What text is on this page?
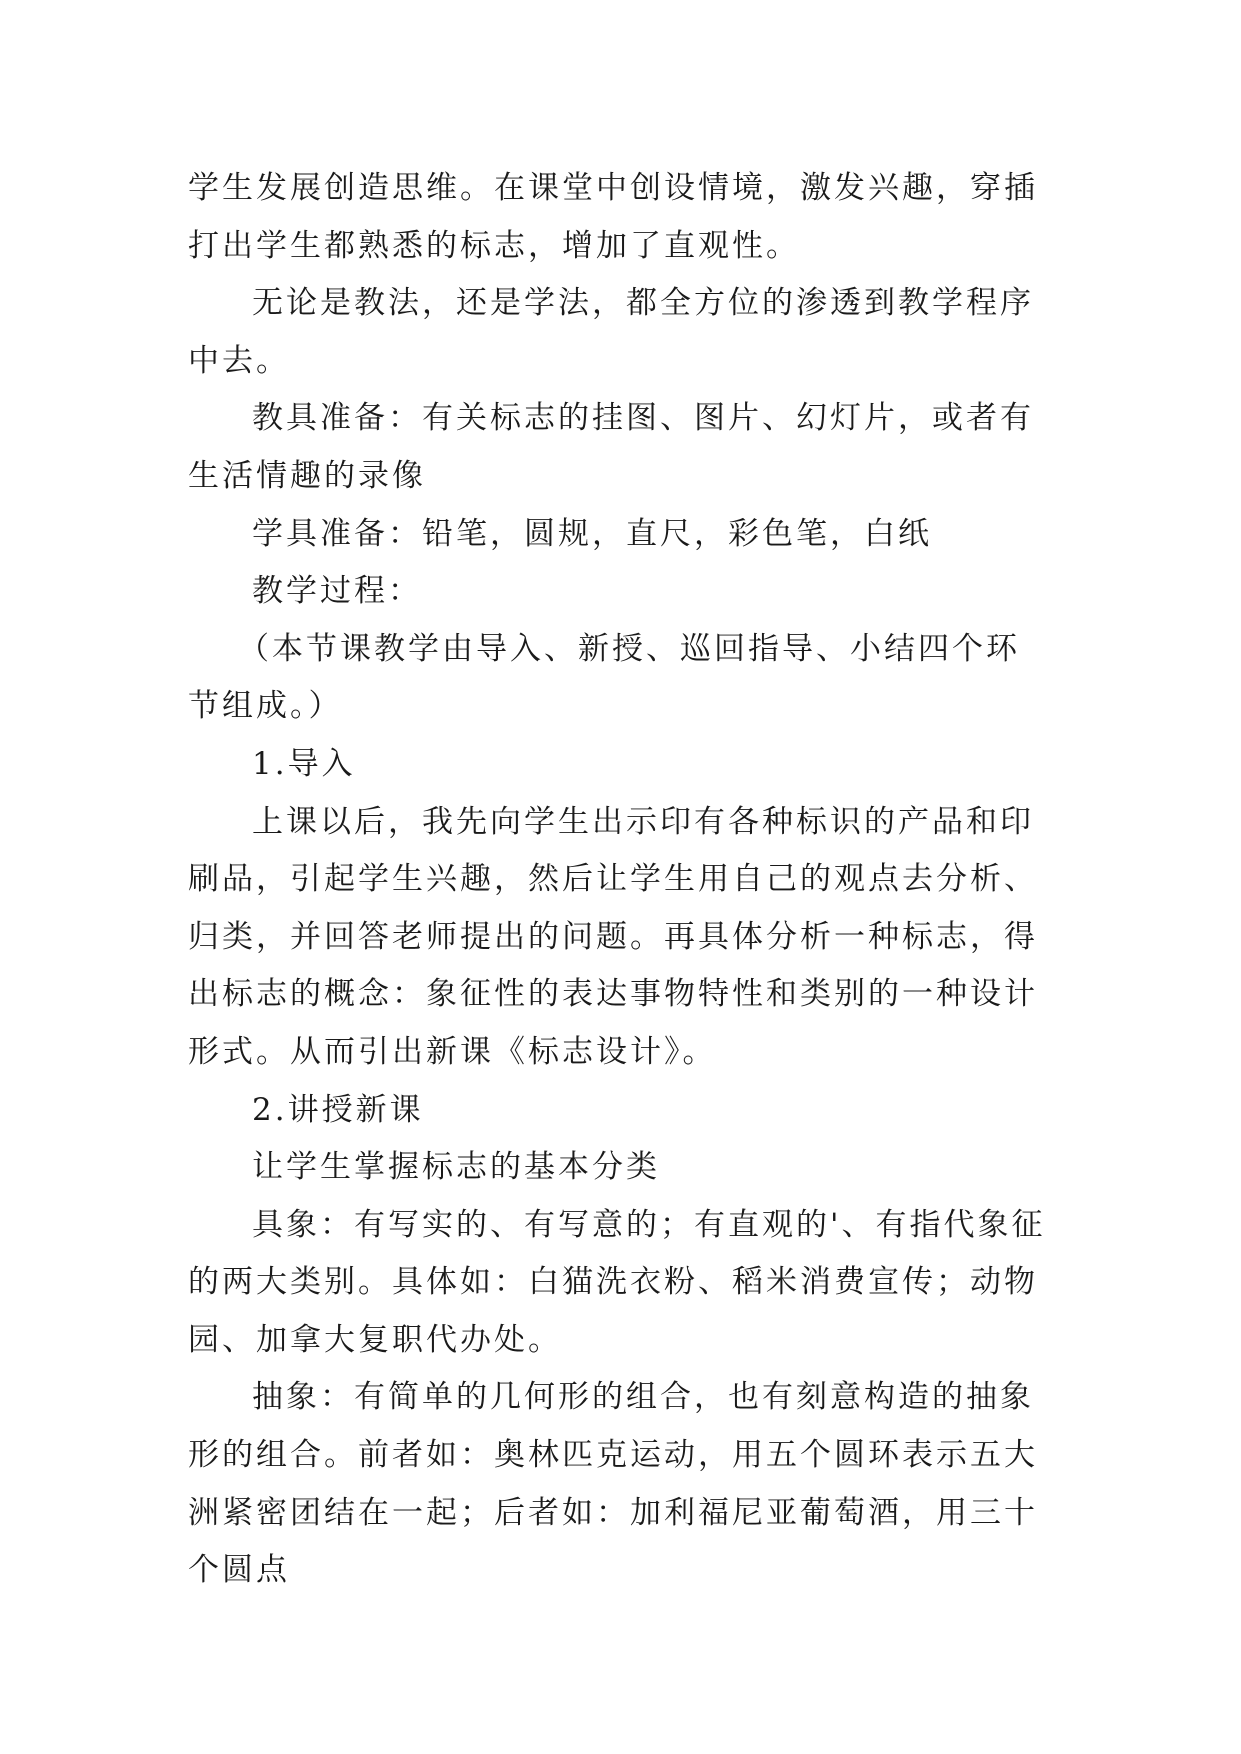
学生发展创造思维。在课堂中创设情境，激发兴趣，穿插打出学生都熟悉的标志，增加了直观性。

无论是教法，还是学法，都全方位的渗透到教学程序中去。

教具准备：有关标志的挂图、图片、幻灯片，或者有生活情趣的录像

学具准备：铅笔，圆规，直尺，彩色笔，白纸

教学过程：

（本节课教学由导入、新授、巡回指导、小结四个环节组成。）

1.导入

上课以后，我先向学生出示印有各种标识的产品和印刷品，引起学生兴趣，然后让学生用自己的观点去分析、归类，并回答老师提出的问题。再具体分析一种标志，得出标志的概念：象征性的表达事物特性和类别的一种设计形式。从而引出新课《标志设计》。

2.讲授新课

让学生掌握标志的基本分类

具象：有写实的、有写意的；有直观的'、有指代象征的两大类别。具体如：白猫洗衣粉、稻米消费宣传；动物园、加拿大复职代办处。

抽象：有简单的几何形的组合，也有刻意构造的抽象形的组合。前者如：奥林匹克运动，用五个圆环表示五大洲紧密团结在一起；后者如：加利福尼亚葡萄酒，用三十个圆点
